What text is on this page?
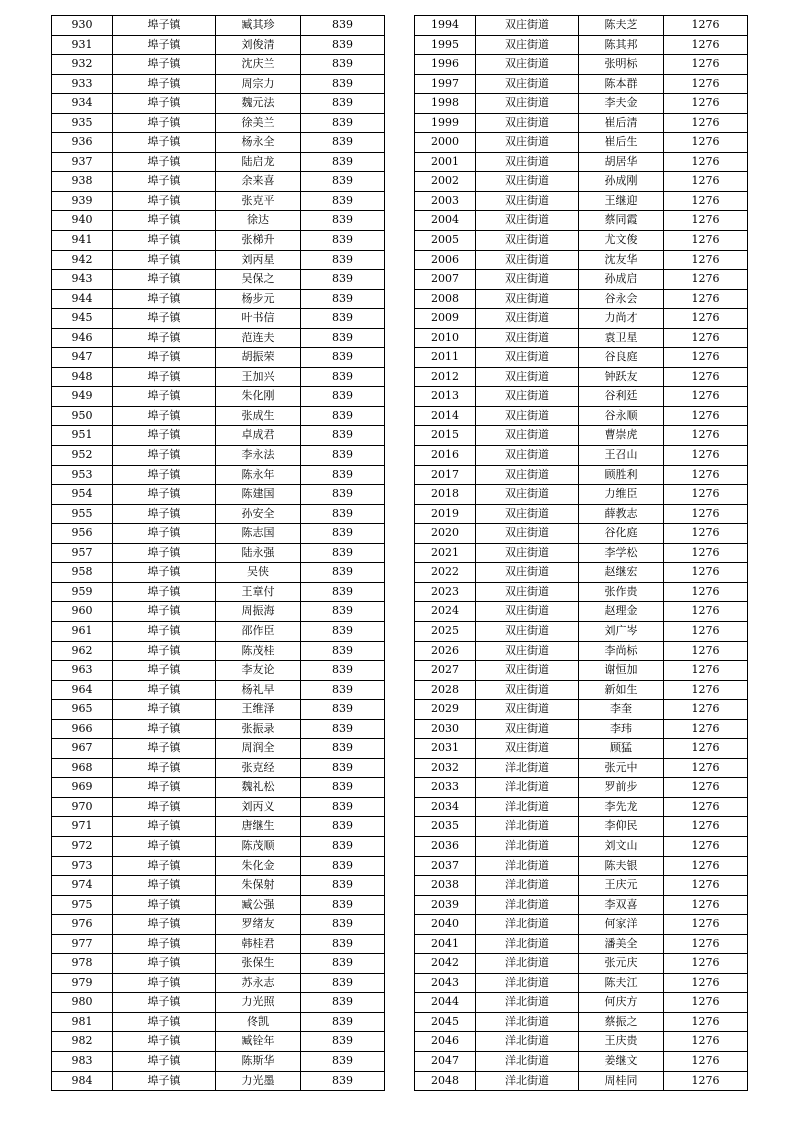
930	埠子镇	臧其珍	839
931	埠子镇	刘俊清	839
932	埠子镇	沈庆兰	839
933	埠子镇	周宗力	839
934	埠子镇	魏元法	839
935	埠子镇	徐美兰	839
936	埠子镇	杨永全	839
937	埠子镇	陆启龙	839
938	埠子镇	余来喜	839
939	埠子镇	张克平	839
940	埠子镇	徐达	839
941	埠子镇	张梯升	839
942	埠子镇	刘丙星	839
943	埠子镇	吴保之	839
944	埠子镇	杨步元	839
945	埠子镇	叶书信	839
946	埠子镇	范连夫	839
947	埠子镇	胡振荣	839
948	埠子镇	王加兴	839
949	埠子镇	朱化刚	839
950	埠子镇	张成生	839
951	埠子镇	卓成君	839
952	埠子镇	李永法	839
953	埠子镇	陈永年	839
954	埠子镇	陈建国	839
955	埠子镇	孙安全	839
956	埠子镇	陈志国	839
957	埠子镇	陆永强	839
958	埠子镇	吴侠	839
959	埠子镇	王章付	839
960	埠子镇	周振海	839
961	埠子镇	邵作臣	839
962	埠子镇	陈茂桂	839
963	埠子镇	李友论	839
964	埠子镇	杨礼早	839
965	埠子镇	王维泽	839
966	埠子镇	张振录	839
967	埠子镇	周润全	839
968	埠子镇	张克经	839
969	埠子镇	魏礼松	839
970	埠子镇	刘丙义	839
971	埠子镇	唐继生	839
972	埠子镇	陈茂顺	839
973	埠子镇	朱化金	839
974	埠子镇	朱保射	839
975	埠子镇	臧公强	839
976	埠子镇	罗绪友	839
977	埠子镇	韩桂君	839
978	埠子镇	张保生	839
979	埠子镇	苏永志	839
980	埠子镇	力光照	839
981	埠子镇	佟凯	839
982	埠子镇	臧铨年	839
983	埠子镇	陈斯华	839
984	埠子镇	力光墨	839
1994	双庄街道	陈夫芝	1276
1995	双庄街道	陈其邦	1276
1996	双庄街道	张明标	1276
1997	双庄街道	陈本群	1276
1998	双庄街道	李夫金	1276
1999	双庄街道	崔后清	1276
2000	双庄街道	崔后生	1276
2001	双庄街道	胡居华	1276
2002	双庄街道	孙成刚	1276
2003	双庄街道	王继迎	1276
2004	双庄街道	蔡同霞	1276
2005	双庄街道	尤文俊	1276
2006	双庄街道	沈友华	1276
2007	双庄街道	孙成启	1276
2008	双庄街道	谷永会	1276
2009	双庄街道	力尚才	1276
2010	双庄街道	袁卫星	1276
2011	双庄街道	谷良庭	1276
2012	双庄街道	钟跃友	1276
2013	双庄街道	谷利廷	1276
2014	双庄街道	谷永顺	1276
2015	双庄街道	曹崇虎	1276
2016	双庄街道	王召山	1276
2017	双庄街道	顾胜利	1276
2018	双庄街道	力维臣	1276
2019	双庄街道	薛教志	1276
2020	双庄街道	谷化庭	1276
2021	双庄街道	李学松	1276
2022	双庄街道	赵继宏	1276
2023	双庄街道	张作贵	1276
2024	双庄街道	赵理金	1276
2025	双庄街道	刘广岑	1276
2026	双庄街道	李尚标	1276
2027	双庄街道	谢恒加	1276
2028	双庄街道	新如生	1276
2029	双庄街道	李奎	1276
2030	双庄街道	李玮	1276
2031	双庄街道	顾猛	1276
2032	洋北街道	张元中	1276
2033	洋北街道	罗前步	1276
2034	洋北街道	李先龙	1276
2035	洋北街道	李仰民	1276
2036	洋北街道	刘文山	1276
2037	洋北街道	陈夫银	1276
2038	洋北街道	王庆元	1276
2039	洋北街道	李双喜	1276
2040	洋北街道	何家洋	1276
2041	洋北街道	潘美全	1276
2042	洋北街道	张元庆	1276
2043	洋北街道	陈夫江	1276
2044	洋北街道	何庆方	1276
2045	洋北街道	蔡振之	1276
2046	洋北街道	王庆贵	1276
2047	洋北街道	姜继文	1276
2048	洋北街道	周桂同	1276
